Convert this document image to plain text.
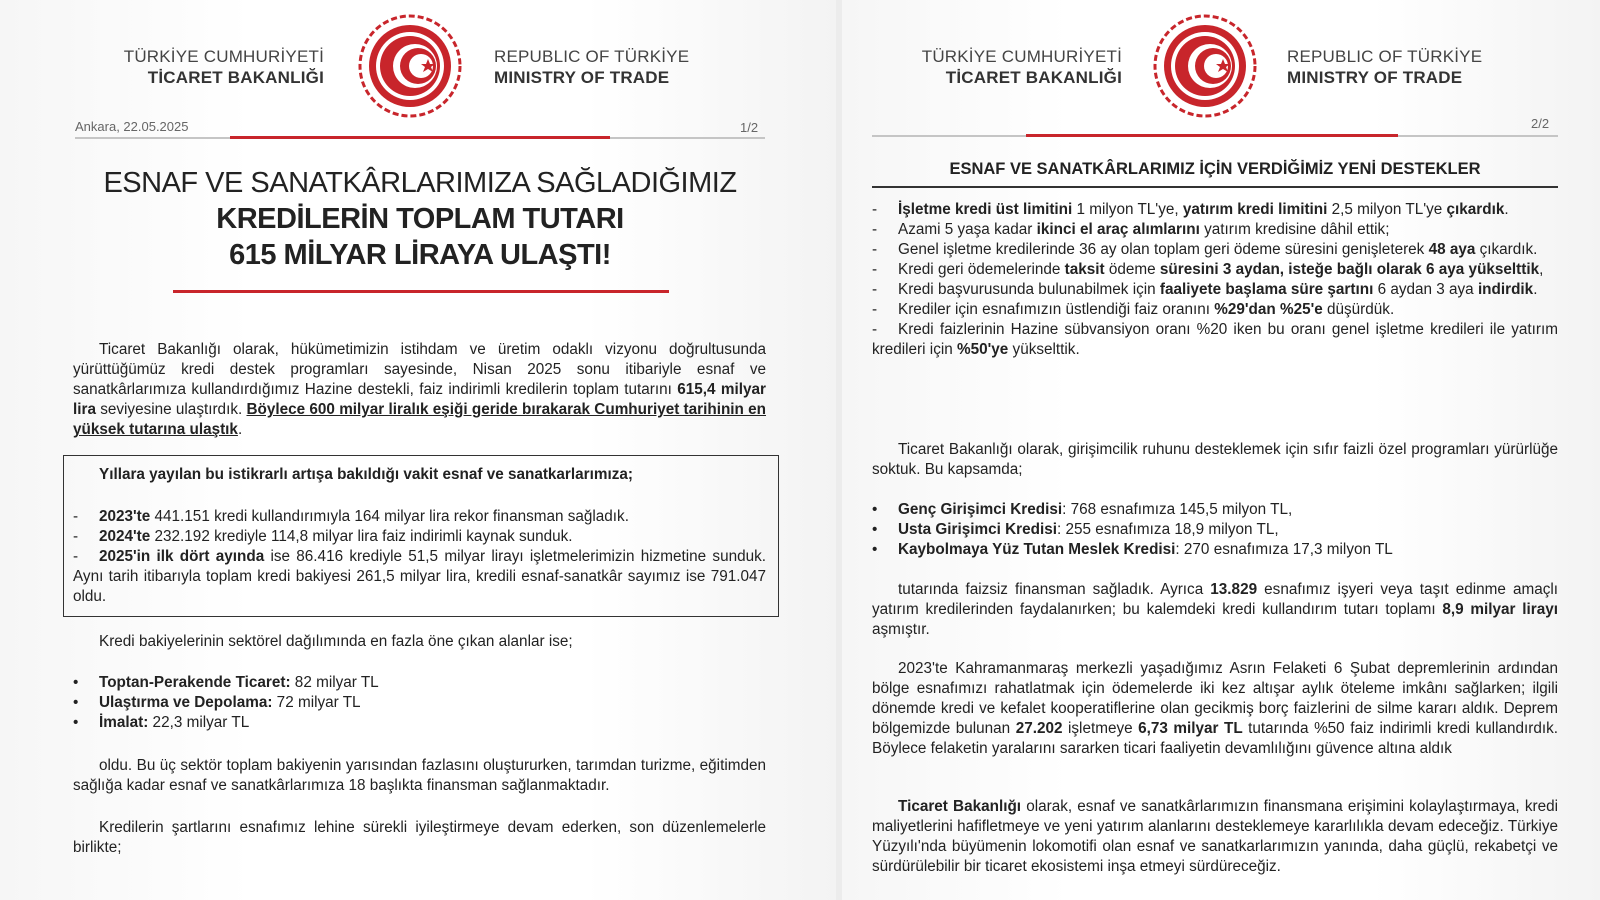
TÜRKİYE CUMHURİYETİ
TİCARET BAKANLIĞI
REPUBLIC OF TÜRKİYE
MINISTRY OF TRADE
Ankara, 22.05.2025	1/2
ESNAF VE SANATKÂRLARIMIZA SAĞLADIĞIMIZ
KREDİLERİN TOPLAM TUTARI
615 MİLYAR LİRAYA ULAŞTI!

Ticaret Bakanlığı olarak, hükümetimizin istihdam ve üretim odaklı vizyonu doğrultusunda yürüttüğümüz kredi destek programları sayesinde, Nisan 2025 sonu itibariyle esnaf ve sanatkârlarımıza kullandırdığımız Hazine destekli, faiz indirimli kredilerin toplam tutarını 615,4 milyar lira seviyesine ulaştırdık. Böylece 600 milyar liralık eşiği geride bırakarak Cumhuriyet tarihinin en yüksek tutarına ulaştık.

Yıllara yayılan bu istikrarlı artışa bakıldığı vakit esnaf ve sanatkarlarımıza;

- 2023'te 441.151 kredi kullandırımıyla 164 milyar lira rekor finansman sağladık.
- 2024'te 232.192 krediyle 114,8 milyar lira faiz indirimli kaynak sunduk.
- 2025'in ilk dört ayında ise 86.416 krediyle 51,5 milyar lirayı işletmelerimizin hizmetine sunduk. Aynı tarih itibarıyla toplam kredi bakiyesi 261,5 milyar lira, kredili esnaf-sanatkâr sayımız ise 791.047 oldu.

Kredi bakiyelerinin sektörel dağılımında en fazla öne çıkan alanlar ise;

• Toptan-Perakende Ticaret: 82 milyar TL
• Ulaştırma ve Depolama: 72 milyar TL
• İmalat: 22,3 milyar TL

oldu. Bu üç sektör toplam bakiyenin yarısından fazlasını oluştururken, tarımdan turizme, eğitimden sağlığa kadar esnaf ve sanatkârlarımıza 18 başlıkta finansman sağlanmaktadır.

Kredilerin şartlarını esnafımız lehine sürekli iyileştirmeye devam ederken, son düzenlemelerle birlikte;

TÜRKİYE CUMHURİYETİ
TİCARET BAKANLIĞI
REPUBLIC OF TÜRKİYE
MINISTRY OF TRADE
2/2
ESNAF VE SANATKÂRLARIMIZ İÇİN VERDİĞİMİZ YENİ DESTEKLER
- İşletme kredi üst limitini 1 milyon TL'ye, yatırım kredi limitini 2,5 milyon TL'ye çıkardık.
- Azami 5 yaşa kadar ikinci el araç alımlarını yatırım kredisine dâhil ettik;
- Genel işletme kredilerinde 36 ay olan toplam geri ödeme süresini genişleterek 48 aya çıkardık.
- Kredi geri ödemelerinde taksit ödeme süresini 3 aydan, isteğe bağlı olarak 6 aya yükselttik,
- Kredi başvurusunda bulunabilmek için faaliyete başlama süre şartını 6 aydan 3 aya indirdik.
- Krediler için esnafımızın üstlendiği faiz oranını %29'dan %25'e düşürdük.
- Kredi faizlerinin Hazine sübvansiyon oranı %20 iken bu oranı genel işletme kredileri ile yatırım kredileri için %50'ye yükselttik.

Ticaret Bakanlığı olarak, girişimcilik ruhunu desteklemek için sıfır faizli özel programları yürürlüğe soktuk. Bu kapsamda;

• Genç Girişimci Kredisi: 768 esnafımıza 145,5 milyon TL,
• Usta Girişimci Kredisi: 255 esnafımıza 18,9 milyon TL,
• Kaybolmaya Yüz Tutan Meslek Kredisi: 270 esnafımıza 17,3 milyon TL

tutarında faizsiz finansman sağladık. Ayrıca 13.829 esnafımız işyeri veya taşıt edinme amaçlı yatırım kredilerinden faydalanırken; bu kalemdeki kredi kullandırım tutarı toplamı 8,9 milyar lirayı aşmıştır.

2023'te Kahramanmaraş merkezli yaşadığımız Asrın Felaketi 6 Şubat depremlerinin ardından bölge esnafımızı rahatlatmak için ödemelerde iki kez altışar aylık öteleme imkânı sağlarken; ilgili dönemde kredi ve kefalet kooperatiflerine olan gecikmiş borç faizlerini de silme kararı aldık. Deprem bölgemizde bulunan 27.202 işletmeye 6,73 milyar TL tutarında %50 faiz indirimli kredi kullandırdık. Böylece felaketin yaralarını sararken ticari faaliyetin devamlılığını güvence altına aldık

Ticaret Bakanlığı olarak, esnaf ve sanatkârlarımızın finansmana erişimini kolaylaştırmaya, kredi maliyetlerini hafifletmeye ve yeni yatırım alanlarını desteklemeye kararlılıkla devam edeceğiz. Türkiye Yüzyılı'nda büyümenin lokomotifi olan esnaf ve sanatkarlarımızın yanında, daha güçlü, rekabetçi ve sürdürülebilir bir ticaret ekosistemi inşa etmeyi sürdüreceğiz.
